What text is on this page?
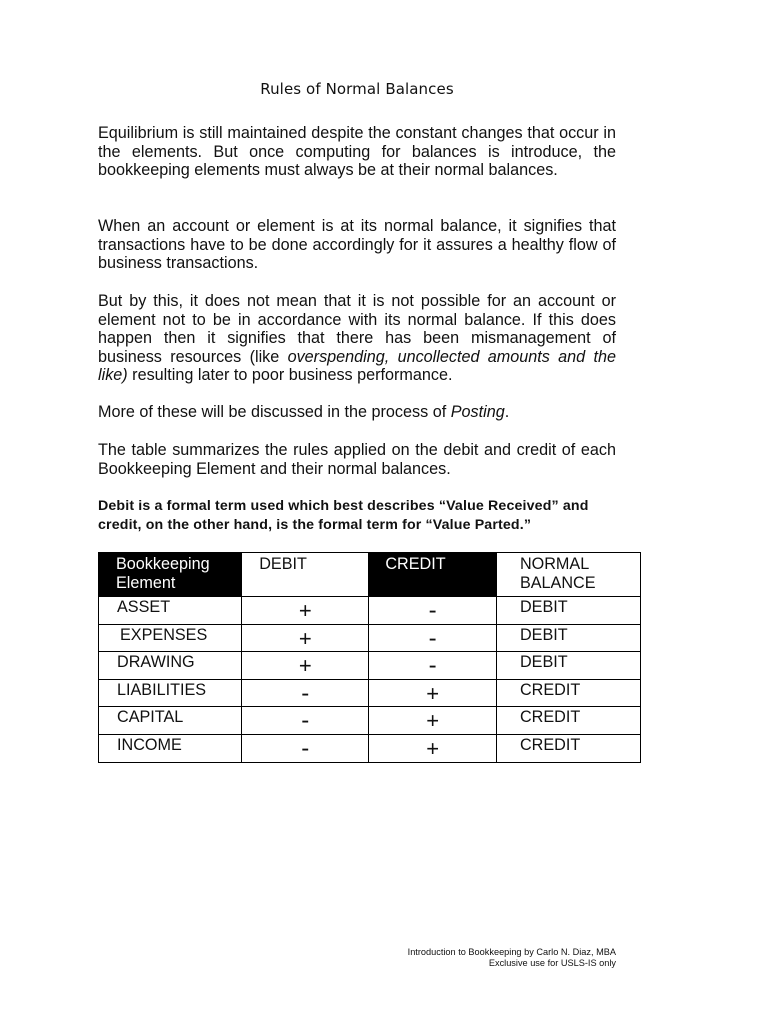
Rules of Normal Balances

Equilibrium is still maintained despite the constant changes that occur in the elements. But once computing for balances is introduce, the bookkeeping elements must always be at their normal balances.

When an account or element is at its normal balance, it signifies that transactions have to be done accordingly for it assures a healthy flow of business transactions.

But by this, it does not mean that it is not possible for an account or element not to be in accordance with its normal balance. If this does happen then it signifies that there has been mismanagement of business resources (like overspending, uncollected amounts and the like) resulting later to poor business performance.

More of these will be discussed in the process of Posting.

The table summarizes the rules applied on the debit and credit of each Bookkeeping Element and their normal balances.

Debit is a formal term used which best describes “Value Received” and credit, on the other hand, is the formal term for “Value Parted.”

Bookkeeping Element	DEBIT	CREDIT	NORMAL BALANCE
ASSET	+	-	DEBIT
EXPENSES	+	-	DEBIT
DRAWING	+	-	DEBIT
LIABILITIES	-	+	CREDIT
CAPITAL	-	+	CREDIT
INCOME	-	+	CREDIT
Introduction to Bookkeeping by Carlo N. Diaz, MBA
Exclusive use for USLS-IS only
